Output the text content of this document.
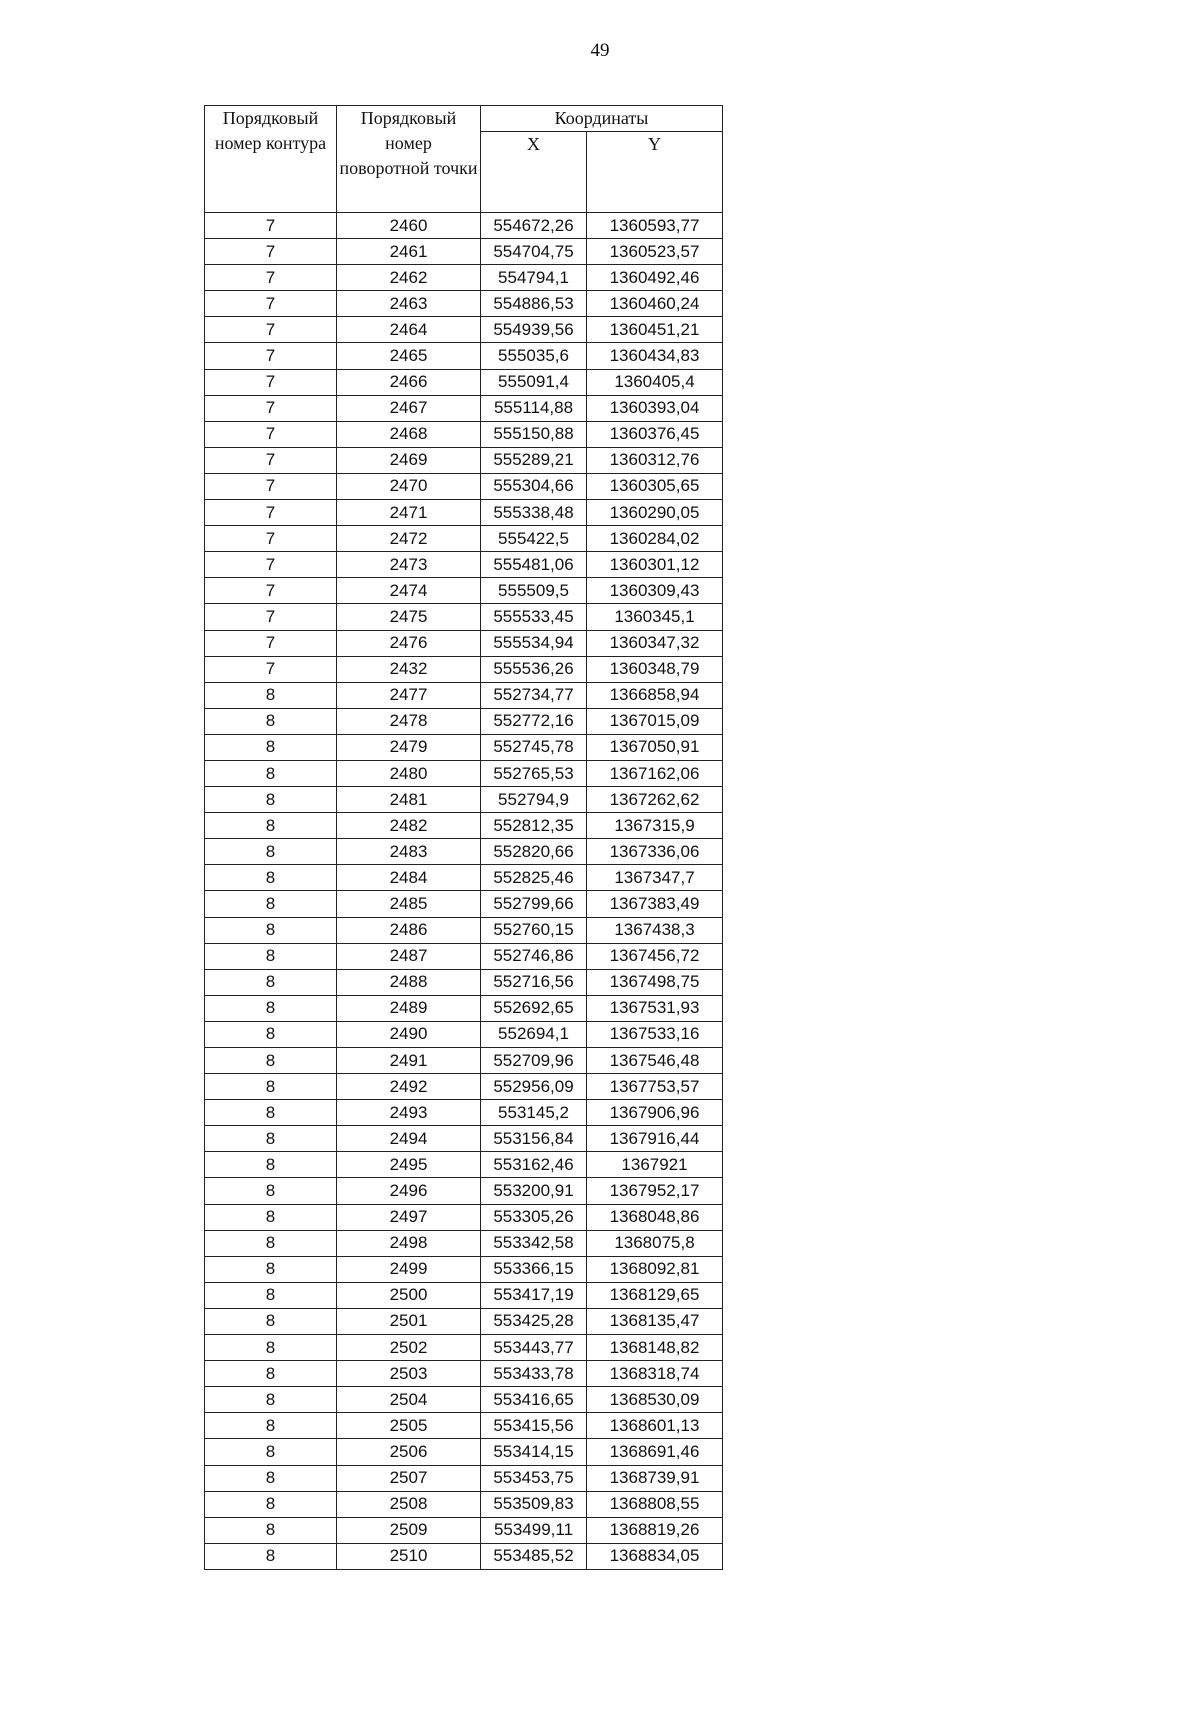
49
Порядковый номер контура	Порядковый номер поворотной точки	Координаты	
		X	Y
7	2460	554672,26	1360593,77
7	2461	554704,75	1360523,57
7	2462	554794,1	1360492,46
7	2463	554886,53	1360460,24
7	2464	554939,56	1360451,21
7	2465	555035,6	1360434,83
7	2466	555091,4	1360405,4
7	2467	555114,88	1360393,04
7	2468	555150,88	1360376,45
7	2469	555289,21	1360312,76
7	2470	555304,66	1360305,65
7	2471	555338,48	1360290,05
7	2472	555422,5	1360284,02
7	2473	555481,06	1360301,12
7	2474	555509,5	1360309,43
7	2475	555533,45	1360345,1
7	2476	555534,94	1360347,32
7	2432	555536,26	1360348,79
8	2477	552734,77	1366858,94
8	2478	552772,16	1367015,09
8	2479	552745,78	1367050,91
8	2480	552765,53	1367162,06
8	2481	552794,9	1367262,62
8	2482	552812,35	1367315,9
8	2483	552820,66	1367336,06
8	2484	552825,46	1367347,7
8	2485	552799,66	1367383,49
8	2486	552760,15	1367438,3
8	2487	552746,86	1367456,72
8	2488	552716,56	1367498,75
8	2489	552692,65	1367531,93
8	2490	552694,1	1367533,16
8	2491	552709,96	1367546,48
8	2492	552956,09	1367753,57
8	2493	553145,2	1367906,96
8	2494	553156,84	1367916,44
8	2495	553162,46	1367921
8	2496	553200,91	1367952,17
8	2497	553305,26	1368048,86
8	2498	553342,58	1368075,8
8	2499	553366,15	1368092,81
8	2500	553417,19	1368129,65
8	2501	553425,28	1368135,47
8	2502	553443,77	1368148,82
8	2503	553433,78	1368318,74
8	2504	553416,65	1368530,09
8	2505	553415,56	1368601,13
8	2506	553414,15	1368691,46
8	2507	553453,75	1368739,91
8	2508	553509,83	1368808,55
8	2509	553499,11	1368819,26
8	2510	553485,52	1368834,05
